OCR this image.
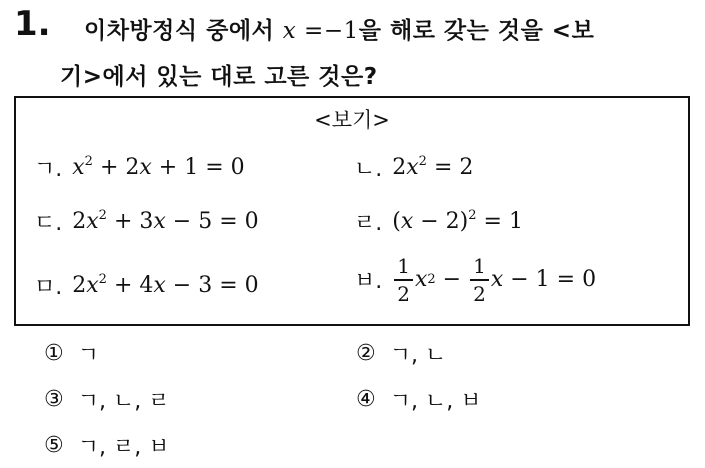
1. 이차방정식 중에서 x =−1을 해로 갖는 것을 <보
기>에서 있는 대로 고른 것은?
<보기>
ㄱ. $x^2 + 2x + 1 = 0$	ㄴ. $2x^2 = 2$
ㄷ. $2x^2 + 3x - 5 = 0$	ㄹ. $(x - 2)^2 = 1$
ㅁ. $2x^2 + 4x - 3 = 0$	ㅂ. $\frac{1}{2}$ x $2 - \frac{1}{2}$ x − 1 = 0
① ㄱ	② ㄱ, ㄴ
③ ㄱ, ㄴ, ㄹ	④ ㄱ, ㄴ, ㅂ
⑤ ㄱ, ㄹ, ㅂ
